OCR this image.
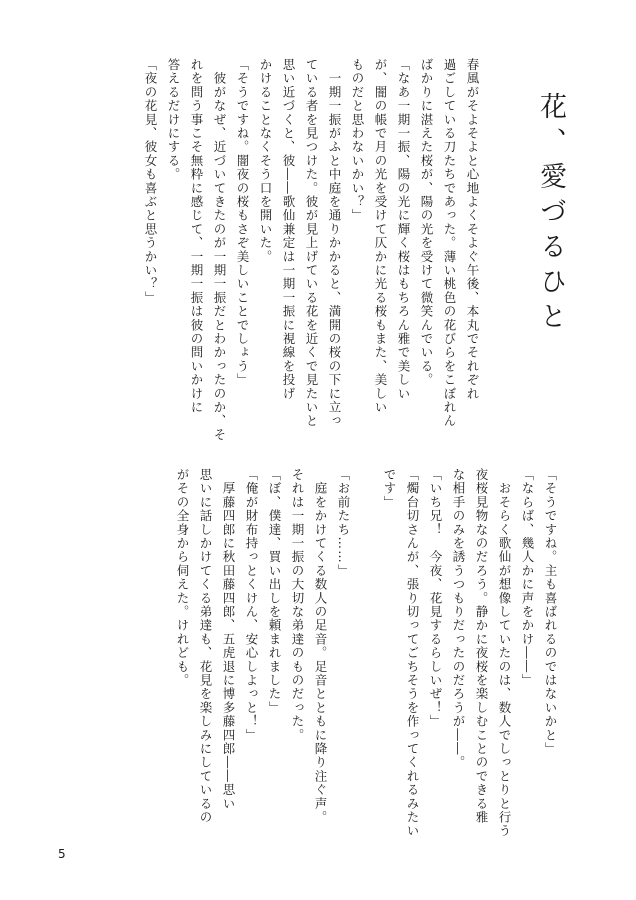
花、愛づるひと
春風がそよそよと心地よくそよぐ午後、本丸でそれぞれ
過ごしている刀たちであった。薄い桃色の花びらをこぼれん
ばかりに湛えた桜が、陽の光を受けて微笑んでいる。
「なあ一期一振、陽の光に輝く桜はもちろん雅で美しい
が、闇の帳で月の光を受けて仄かに光る桜もまた、美しい
ものだと思わないかい？」
　一期一振がふと中庭を通りかかると、満開の桜の下に立っ
ている者を見つけた。彼が見上げている花を近くで見たいと
思い近づくと、彼――歌仙兼定は一期一振に視線を投げ
かけることなくそう口を開いた。
「そうですね。闇夜の桜もさぞ美しいことでしょう」
　彼がなぜ、近づいてきたのが一期一振だとわかったのか、そ
れを問う事こそ無粋に感じて、一期一振は彼の問いかけに
答えるだけにする。
「夜の花見、彼女も喜ぶと思うかい？」
「そうですね。主も喜ばれるのではないかと」
「ならば、幾人かに声をかけ――」
　おそらく歌仙が想像していたのは、数人でしっとりと行う
夜桜見物なのだろう。静かに夜桜を楽しむことのできる雅
な相手のみを誘うつもりだったのだろうが――。
「いち兄！　今夜、花見するらしいぜ！」
「燭台切さんが、張り切ってごちそうを作ってくれるみたい
です」

「お前たち……」
　庭をかけてくる数人の足音。足音とともに降り注ぐ声。
それは一期一振の大切な弟達のものだった。
「ぼ、僕達、買い出しを頼まれました」
「俺が財布持っとくけん、安心しよっと！」
　厚藤四郎に秋田藤四郎、五虎退に博多藤四郎――思い
思いに話しかけてくる弟達も、花見を楽しみにしているの
がその全身から伺えた。けれども。
5
